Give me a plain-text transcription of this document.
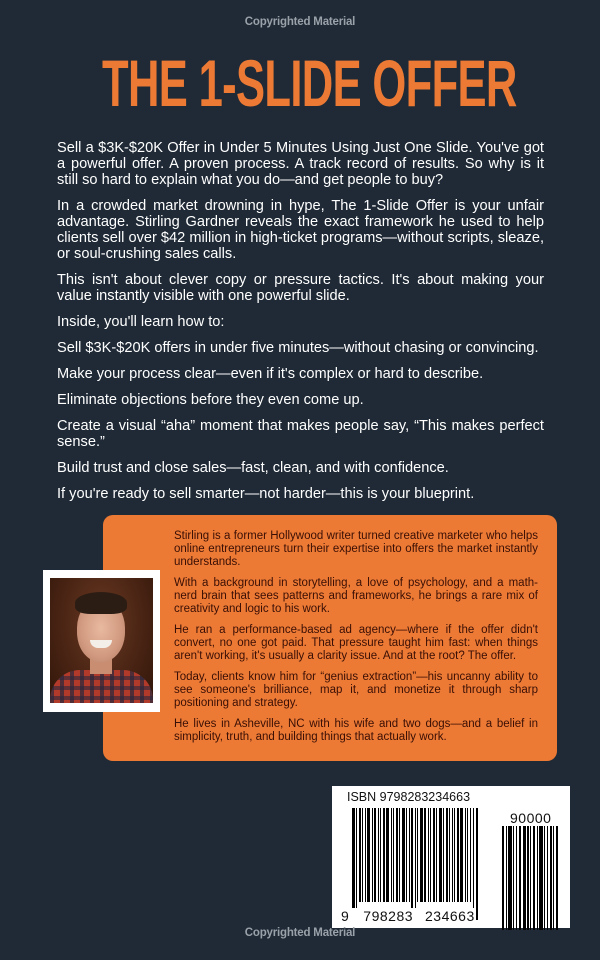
Copyrighted Material
THE 1-SLIDE OFFER

Sell a $3K-$20K Offer in Under 5 Minutes Using Just One Slide. You've got a powerful offer. A proven process. A track record of results. So why is it still so hard to explain what you do—and get people to buy?

In a crowded market drowning in hype, The 1-Slide Offer is your unfair advantage. Stirling Gardner reveals the exact framework he used to help clients sell over $42 million in high-ticket programs—without scripts, sleaze, or soul-crushing sales calls.

This isn't about clever copy or pressure tactics. It's about making your value instantly visible with one powerful slide.

Inside, you'll learn how to:

Sell $3K-$20K offers in under five minutes—without chasing or convincing.

Make your process clear—even if it's complex or hard to describe.

Eliminate objections before they even come up.

Create a visual “aha” moment that makes people say, “This makes perfect sense.”

Build trust and close sales—fast, clean, and with confidence.

If you're ready to sell smarter—not harder—this is your blueprint.

Stirling is a former Hollywood writer turned creative marketer who helps online entrepreneurs turn their expertise into offers the market instantly understands.

With a background in storytelling, a love of psychology, and a math-nerd brain that sees patterns and frameworks, he brings a rare mix of creativity and logic to his work.

He ran a performance-based ad agency—where if the offer didn't convert, no one got paid. That pressure taught him fast: when things aren't working, it's usually a clarity issue. And at the root? The offer.

Today, clients know him for “genius extraction”—his uncanny ability to see someone's brilliance, map it, and monetize it through sharp positioning and strategy.

He lives in Asheville, NC with his wife and two dogs—and a belief in simplicity, truth, and building things that actually work.

ISBN 9798283234663
90000
9 798283 234663
Copyrighted Material
